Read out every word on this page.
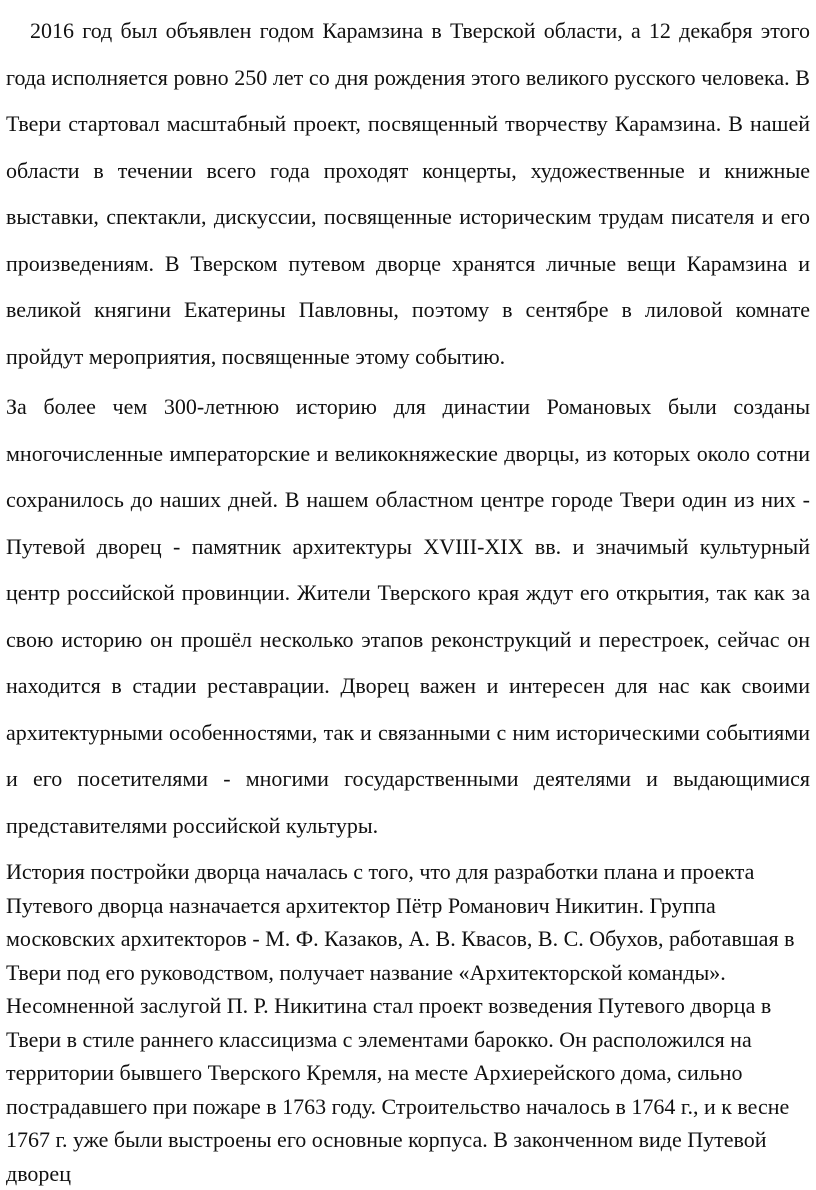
2016 год был объявлен годом Карамзина в Тверской области, а 12 декабря этого года исполняется ровно 250 лет со дня рождения этого великого русского человека. В Твери стартовал масштабный проект, посвященный творчеству Карамзина. В нашей области в течении всего года проходят концерты, художественные и книжные выставки, спектакли, дискуссии, посвященные историческим трудам писателя и его произведениям. В Тверском путевом дворце хранятся личные вещи Карамзина и великой княгини Екатерины Павловны, поэтому в сентябре в лиловой комнате пройдут мероприятия, посвященные этому событию.

За более чем 300-летнюю историю для династии Романовых были созданы многочисленные императорские и великокняжеские дворцы, из которых около сотни сохранилось до наших дней. В нашем областном центре городе Твери один из них - Путевой дворец - памятник архитектуры XVIII-XIX вв. и значимый культурный центр российской провинции. Жители Тверского края ждут его открытия, так как за свою историю он прошёл несколько этапов реконструкций и перестроек, сейчас он находится в стадии реставрации. Дворец важен и интересен для нас как своими архитектурными особенностями, так и связанными с ним историческими событиями и его посетителями - многими государственными деятелями и выдающимися представителями российской культуры.

История постройки дворца началась с того, что для разработки плана и проекта Путевого дворца назначается архитектор Пётр Романович Никитин. Группа московских архитекторов - М. Ф. Казаков, А. В. Квасов, В. С. Обухов, работавшая в Твери под его руководством, получает название «Архитекторской команды». Несомненной заслугой П. Р. Никитина стал проект возведения Путевого дворца в Твери в стиле раннего классицизма с элементами барокко. Он расположился на территории бывшего Тверского Кремля, на месте Архиерейского дома, сильно пострадавшего при пожаре в 1763 году. Строительство началось в 1764 г., и к весне 1767 г. уже были выстроены его основные корпуса. В законченном виде Путевой дворец
